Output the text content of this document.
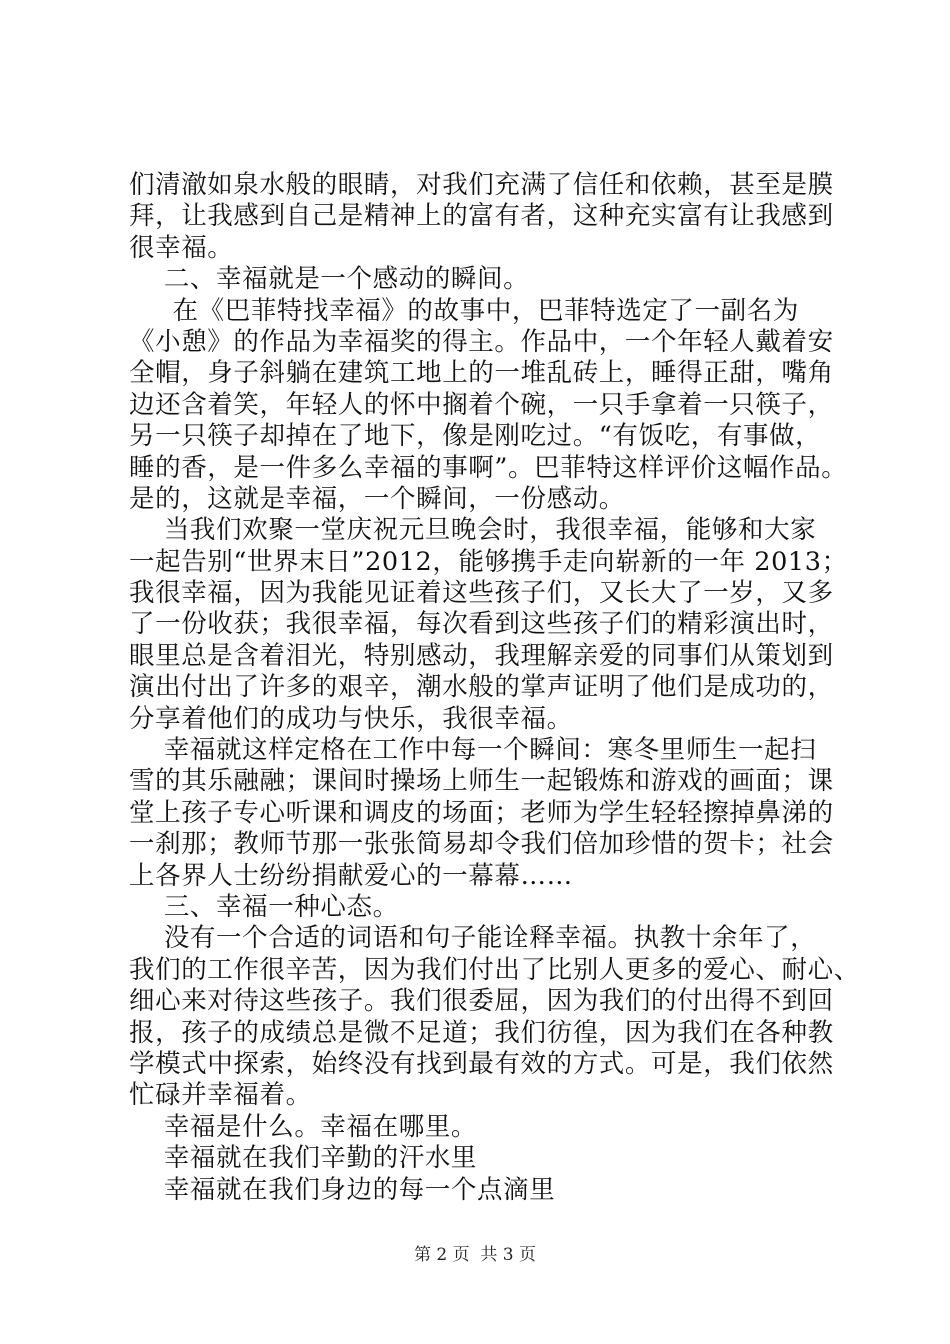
们清澈如泉水般的眼睛，对我们充满了信任和依赖，甚至是膜
拜，让我感到自己是精神上的富有者，这种充实富有让我感到
很幸福。
二、幸福就是一个感动的瞬间。
在《巴菲特找幸福》的故事中，巴菲特选定了一副名为
《小憩》的作品为幸福奖的得主。作品中，一个年轻人戴着安
全帽，身子斜躺在建筑工地上的一堆乱砖上，睡得正甜，嘴角
边还含着笑，年轻人的怀中搁着个碗，一只手拿着一只筷子，
另一只筷子却掉在了地下，像是刚吃过。“有饭吃，有事做，
睡的香，是一件多么幸福的事啊”。巴菲特这样评价这幅作品。
是的，这就是幸福，一个瞬间，一份感动。
当我们欢聚一堂庆祝元旦晚会时，我很幸福，能够和大家
一起告别“世界末日”2012，能够携手走向崭新的一年 2013；
我很幸福，因为我能见证着这些孩子们，又长大了一岁，又多
了一份收获；我很幸福，每次看到这些孩子们的精彩演出时，
眼里总是含着泪光，特别感动，我理解亲爱的同事们从策划到
演出付出了许多的艰辛，潮水般的掌声证明了他们是成功的，
分享着他们的成功与快乐，我很幸福。
幸福就这样定格在工作中每一个瞬间：寒冬里师生一起扫
雪的其乐融融；课间时操场上师生一起锻炼和游戏的画面；课
堂上孩子专心听课和调皮的场面；老师为学生轻轻擦掉鼻涕的
一刹那；教师节那一张张简易却令我们倍加珍惜的贺卡；社会
上各界人士纷纷捐献爱心的一幕幕……
三、幸福一种心态。
没有一个合适的词语和句子能诠释幸福。执教十余年了，
我们的工作很辛苦，因为我们付出了比别人更多的爱心、耐心、
细心来对待这些孩子。我们很委屈，因为我们的付出得不到回
报，孩子的成绩总是微不足道；我们彷徨，因为我们在各种教
学模式中探索，始终没有找到最有效的方式。可是，我们依然
忙碌并幸福着。
幸福是什么。幸福在哪里。
幸福就在我们辛勤的汗水里
幸福就在我们身边的每一个点滴里
第 2 页  共 3 页
